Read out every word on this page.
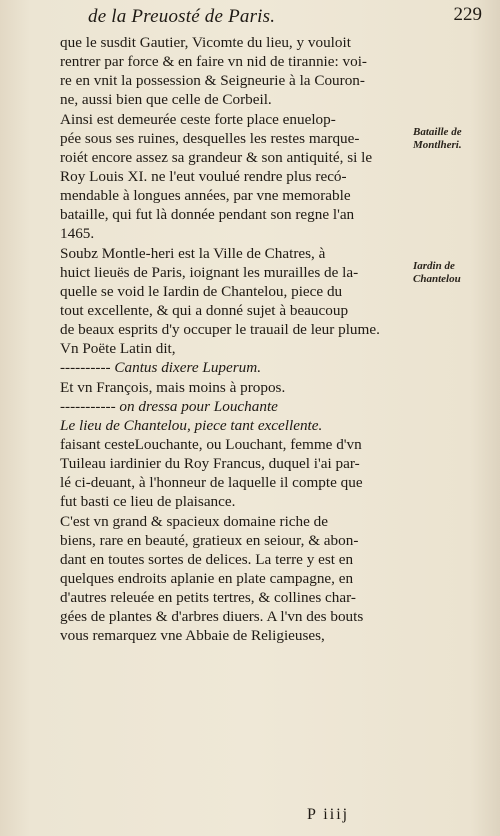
de la Preuosté de Paris.	229
que le susdit Gautier, Vicomte du lieu, y vouloit
rentrer par force & en faire vn nid de tirannie: voi-
re en vnit la possession & Seigneurie à la Couron-
ne, aussi bien que celle de Corbeil.
Ainsi est demeurée ceste forte place enuelop-
pée sous ses ruines, desquelles les restes marque-
roiét encore assez sa grandeur & son antiquité, si le
Roy Louis XI. ne l'eut voulué rendre plus recó-
mendable à longues années, par vne memorable
bataille, qui fut là donnée pendant son regne l'an
1465.
Soubz Montle-heri est la Ville de Chatres, à
huict lieuës de Paris, ioignant les murailles de la-
quelle se void le Iardin de Chantelou, piece du
tout excellente, & qui a donné sujet à beaucoup
de beaux esprits d'y occuper le trauail de leur plume.
Vn Poëte Latin dit,
---------- Cantus dixere Luperum.
Et vn François, mais moins à propos.
----------- on dressa pour Louchante
Le lieu de Chantelou, piece tant excellente.
faisant cesteLouchante, ou Louchant, femme d'vn
Tuileau iardinier du Roy Francus, duquel i'ai par-
lé ci-deuant, à l'honneur de laquelle il compte que
fut basti ce lieu de plaisance.
C'est vn grand & spacieux domaine riche de
biens, rare en beauté, gratieux en seiour, & abon-
dant en toutes sortes de delices. La terre y est en
quelques endroits aplanie en plate campagne, en
d'autres releuée en petits tertres, & collines char-
gées de plantes & d'arbres diuers. A l'vn des bouts
vous remarquez vne Abbaie de Religieuses,
Bataille de Montlheri.
Iardin de Chantelou
P iiij
